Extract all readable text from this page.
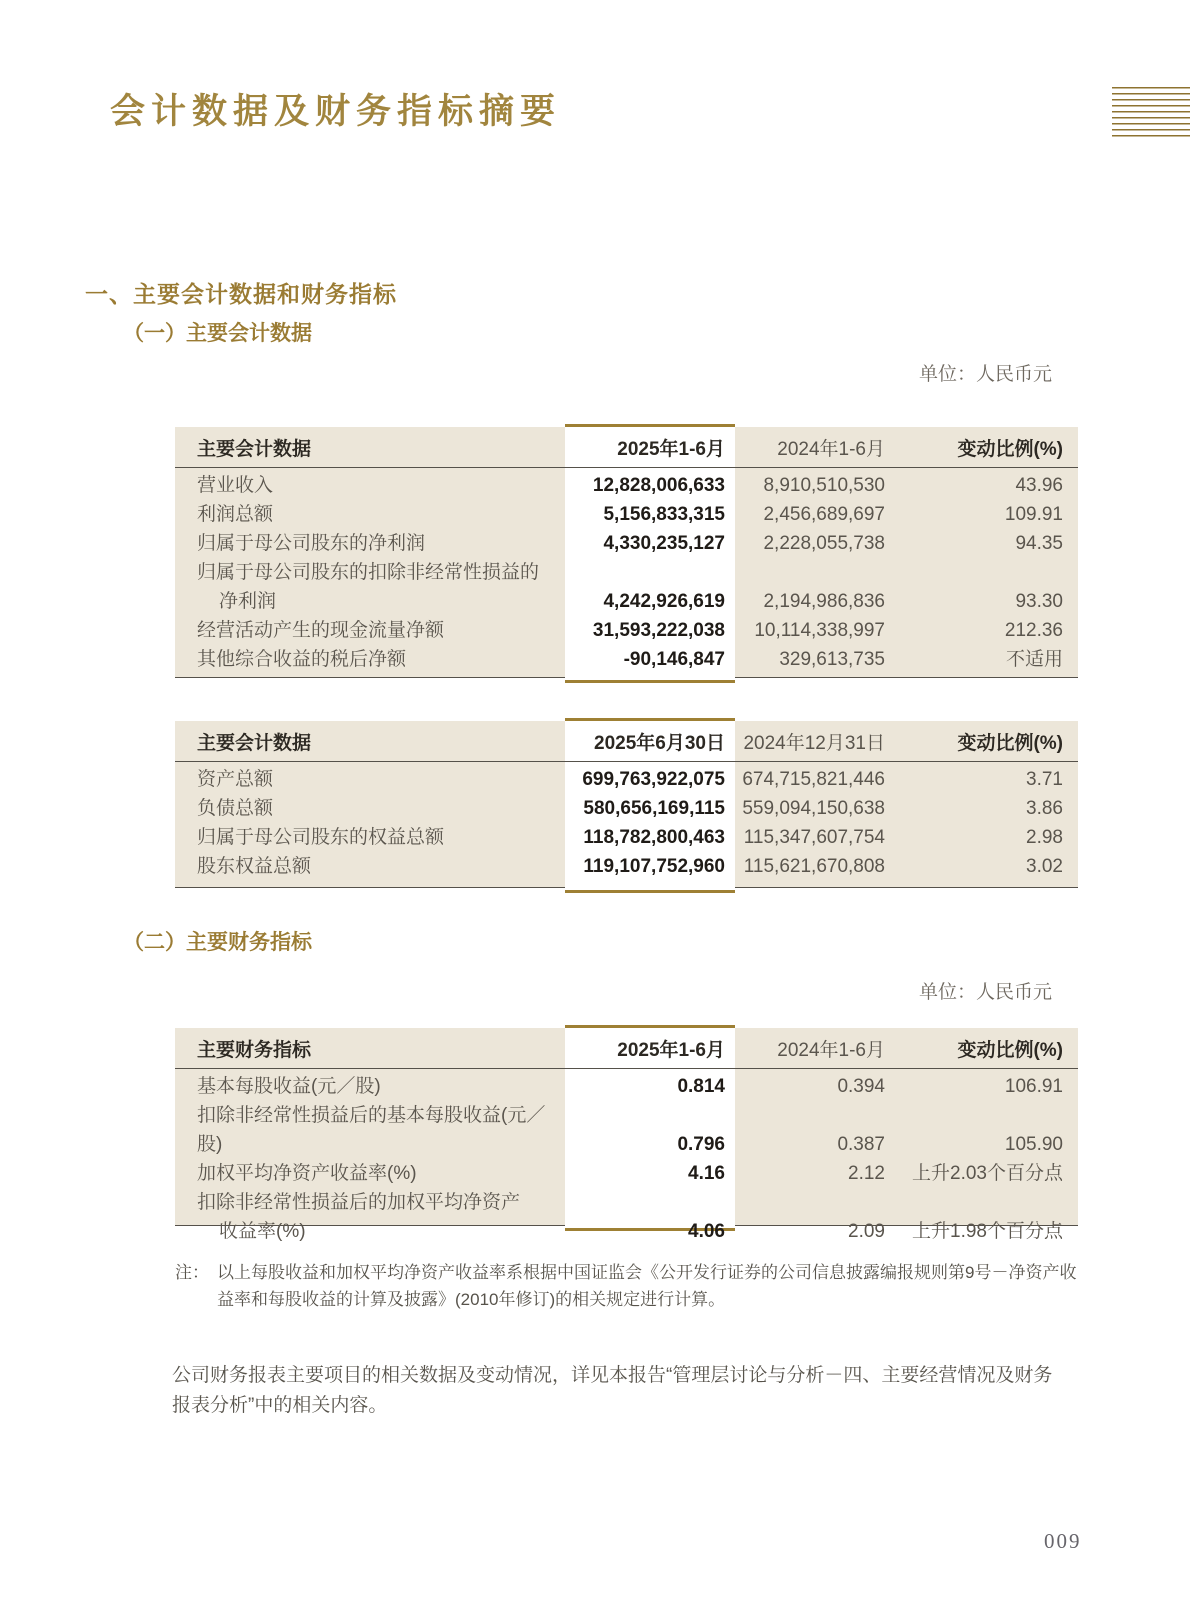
会计数据及财务指标摘要
一、主要会计数据和财务指标
（一）主要会计数据
单位：人民币元
主要会计数据	2025年1-6月	2024年1-6月	变动比例(%)
营业收入	12,828,006,633	8,910,510,530	43.96
利润总额	5,156,833,315	2,456,689,697	109.91
归属于母公司股东的净利润	4,330,235,127	2,228,055,738	94.35
归属于母公司股东的扣除非经常性损益的
净利润	4,242,926,619	2,194,986,836	93.30
经营活动产生的现金流量净额	31,593,222,038	10,114,338,997	212.36
其他综合收益的税后净额	-90,146,847	329,613,735	不适用
主要会计数据	2025年6月30日 2024年12月31日	变动比例(%)
资产总额	699,763,922,075 674,715,821,446	3.71
负债总额	580,656,169,115 559,094,150,638	3.86
归属于母公司股东的权益总额	118,782,800,463 115,347,607,754	2.98
股东权益总额	119,107,752,960 115,621,670,808	3.02
（二）主要财务指标
单位：人民币元
主要财务指标	2025年1-6月	2024年1-6月	变动比例(%)
基本每股收益(元／股)	0.814	0.394	106.91
扣除非经常性损益后的基本每股收益(元／股)	0.796	0.387	105.90
加权平均净资产收益率(%)	4.16	2.12	上升2.03个百分点
扣除非经常性损益后的加权平均净资产
收益率(%)	4.06	2.09	上升1.98个百分点
注： 以上每股收益和加权平均净资产收益率系根据中国证监会《公开发行证券的公司信息披露编报规则第9号－净资产收益率和每股收益的计算及披露》(2010年修订)的相关规定进行计算。
公司财务报表主要项目的相关数据及变动情况，详见本报告“管理层讨论与分析－四、主要经营情况及财务报表分析”中的相关内容。
009
